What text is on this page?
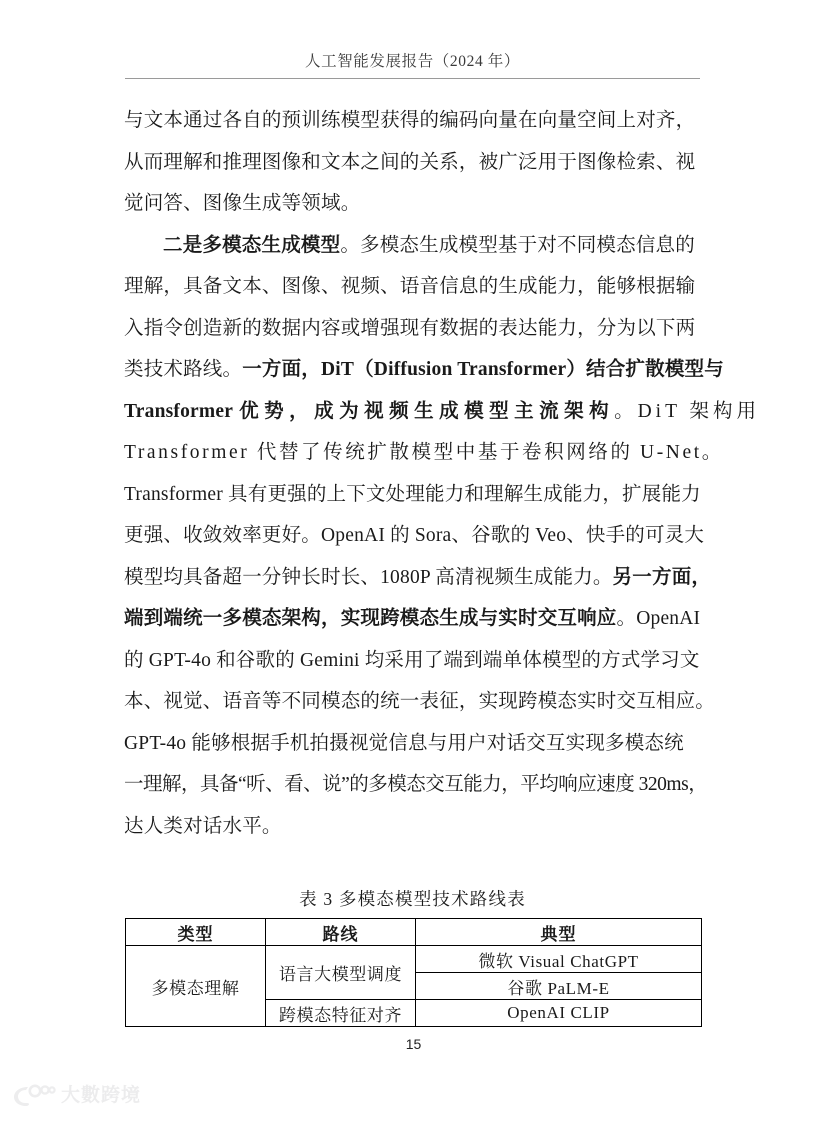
人工智能发展报告（2024 年）

与文本通过各自的预训练模型获得的编码向量在向量空间上对齐，
从而理解和推理图像和文本之间的关系，被广泛用于图像检索、视
觉问答、图像生成等领域。

二是多模态生成模型。多模态生成模型基于对不同模态信息的
理解，具备文本、图像、视频、语音信息的生成能力，能够根据输
入指令创造新的数据内容或增强现有数据的表达能力，分为以下两
类技术路线。一方面，DiT（Diffusion Transformer）结合扩散模型与
Transformer 优势，成为视频生成模型主流架构。DiT 架构用
Transformer 代替了传统扩散模型中基于卷积网络的 U-Net。
Transformer 具有更强的上下文处理能力和理解生成能力，扩展能力
更强、收敛效率更好。OpenAI 的 Sora、谷歌的 Veo、快手的可灵大
模型均具备超一分钟长时长、1080P 高清视频生成能力。另一方面，
端到端统一多模态架构，实现跨模态生成与实时交互响应。OpenAI
的 GPT-4o 和谷歌的 Gemini 均采用了端到端单体模型的方式学习文
本、视觉、语音等不同模态的统一表征，实现跨模态实时交互相应。
GPT-4o 能够根据手机拍摄视觉信息与用户对话交互实现多模态统
一理解，具备“听、看、说”的多模态交互能力，平均响应速度 320ms，
达人类对话水平。

表 3 多模态模型技术路线表
类型	路线	典型
多模态理解	语言大模型调度	微软 Visual ChatGPT
		谷歌 PaLM-E
	跨模态特征对齐	OpenAI CLIP
15
大數跨境
